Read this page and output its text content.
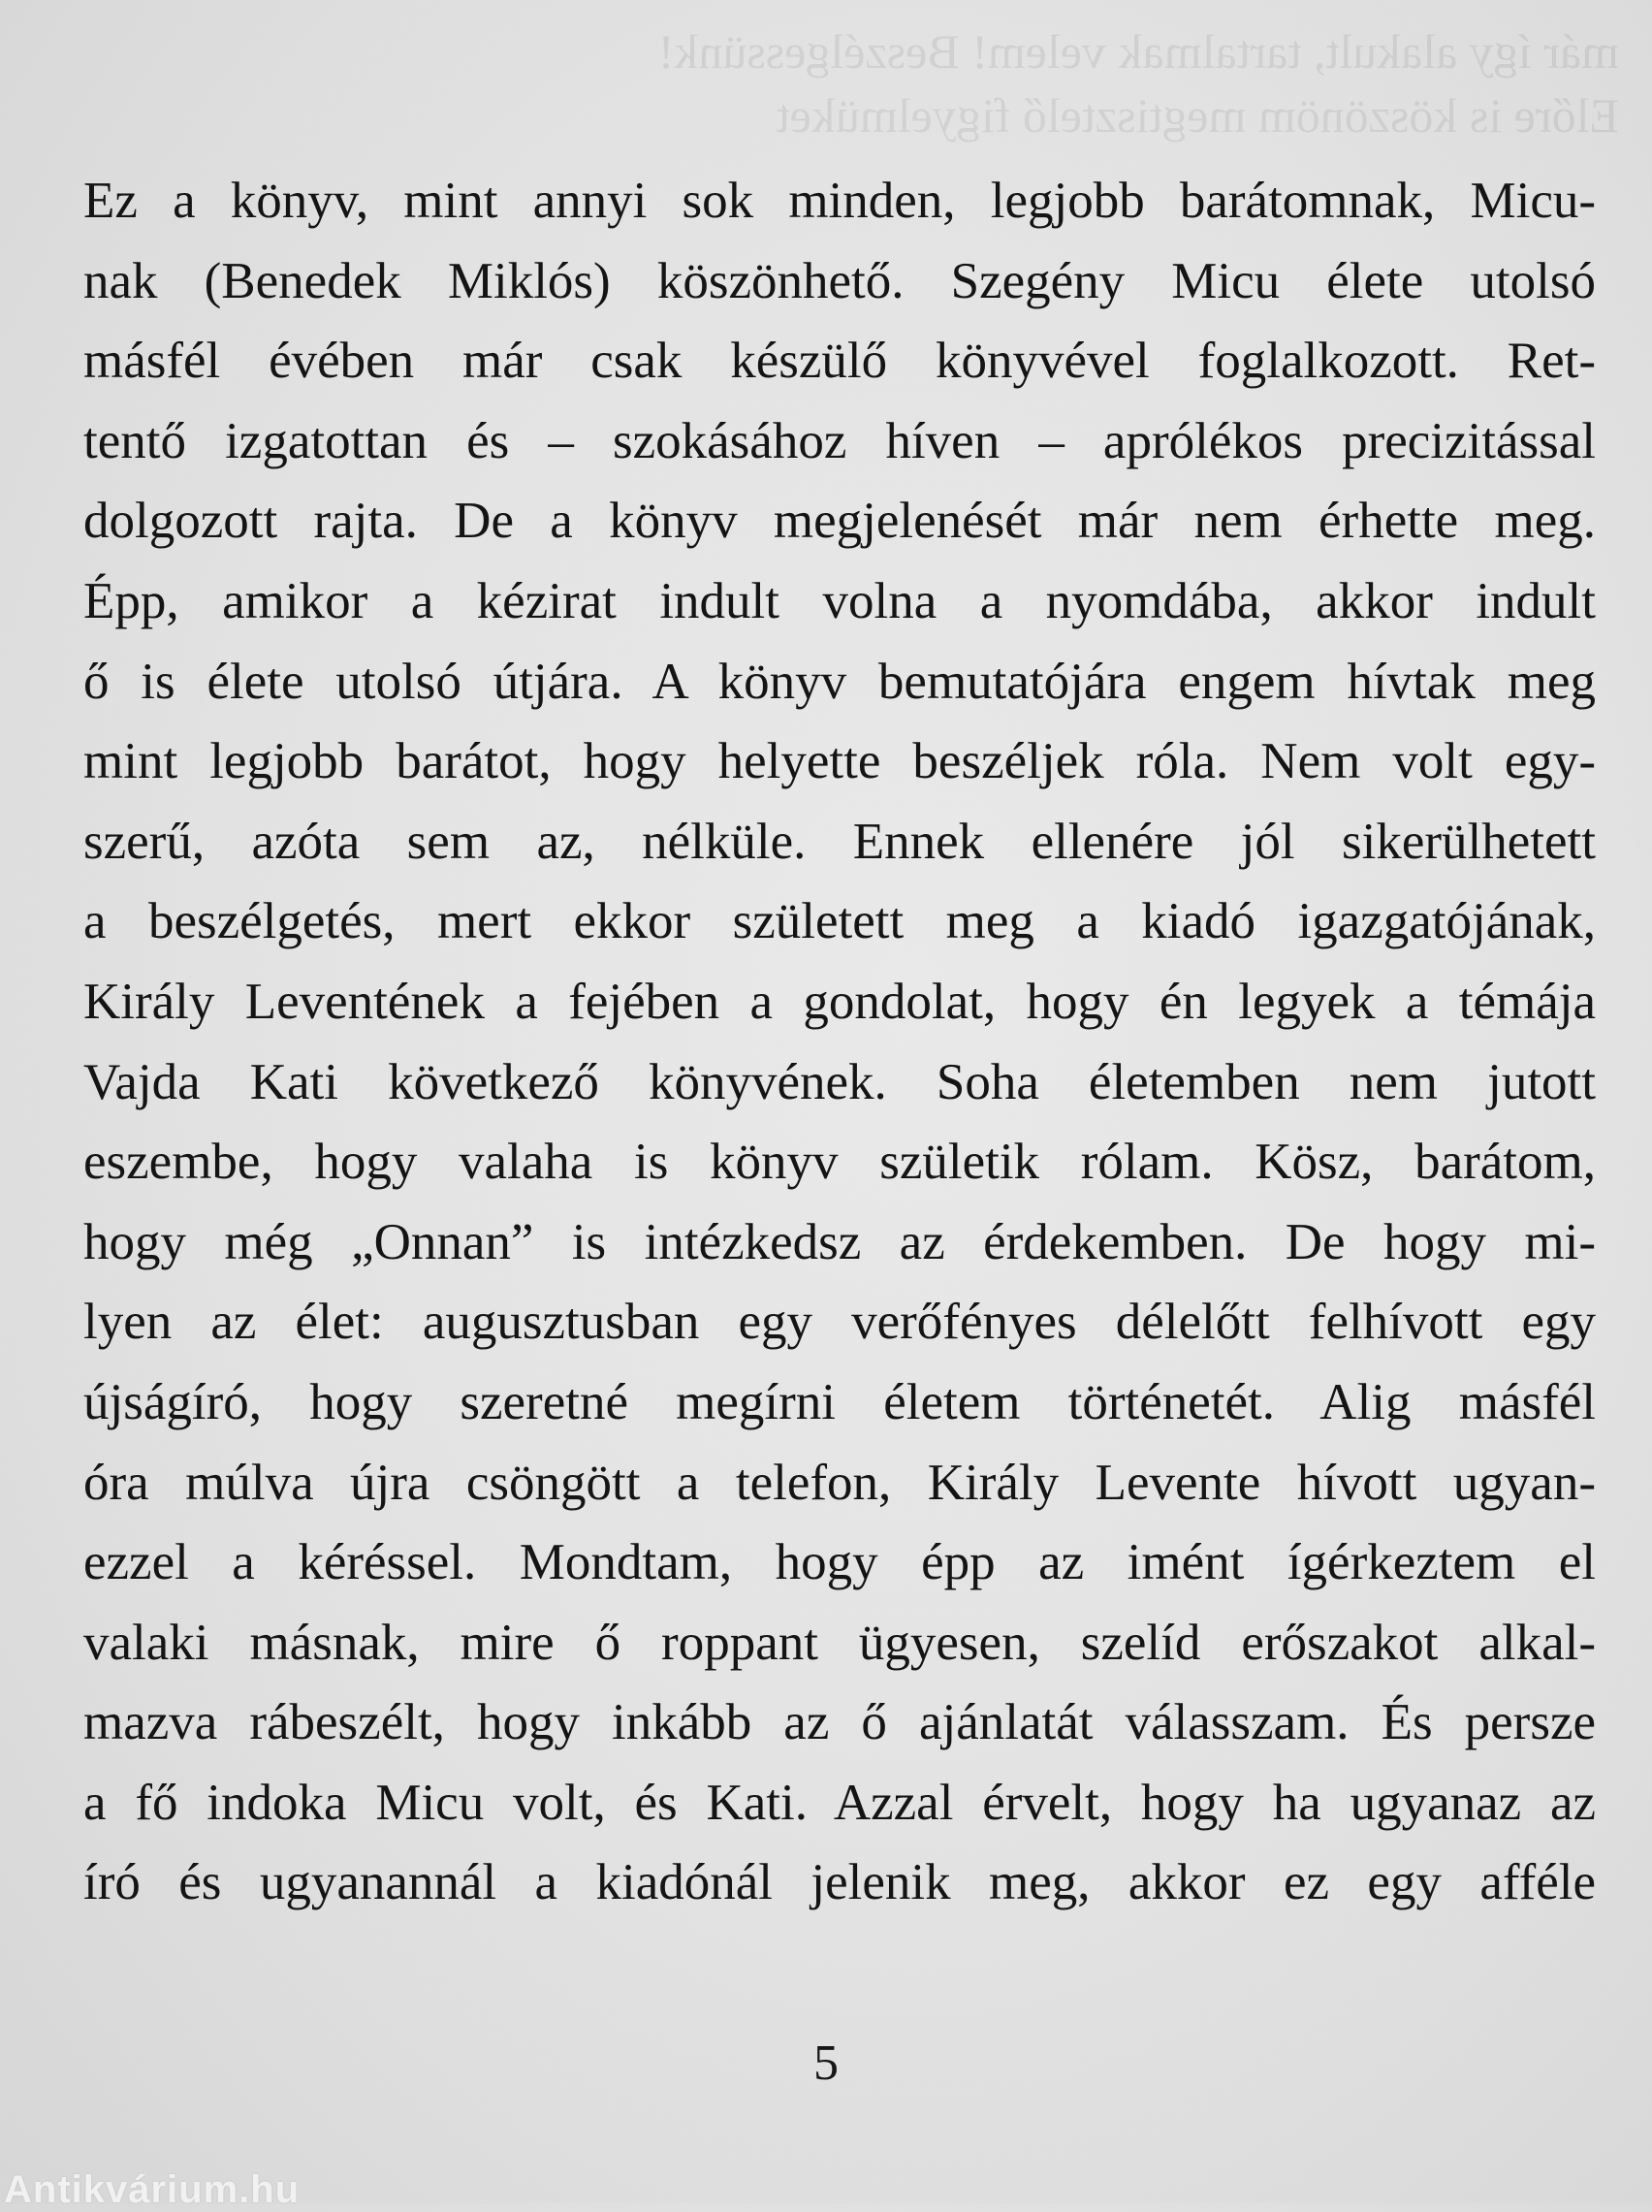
már így alakult, tartalmak velem! Beszélgessünk!
Előre is köszönöm megtisztelő figyelmüket
Ez a könyv, mint annyi sok minden, legjobb barátomnak, Micu-
nak (Benedek Miklós) köszönhető. Szegény Micu élete utolsó
másfél évében már csak készülő könyvével foglalkozott. Ret-
tentő izgatottan és – szokásához híven – aprólékos precizitással
dolgozott rajta. De a könyv megjelenését már nem érhette meg.
Épp, amikor a kézirat indult volna a nyomdába, akkor indult
ő is élete utolsó útjára. A könyv bemutatójára engem hívtak meg
mint legjobb barátot, hogy helyette beszéljek róla. Nem volt egy-
szerű, azóta sem az, nélküle. Ennek ellenére jól sikerülhetett
a beszélgetés, mert ekkor született meg a kiadó igazgatójának,
Király Leventének a fejében a gondolat, hogy én legyek a témája
Vajda Kati következő könyvének. Soha életemben nem jutott
eszembe, hogy valaha is könyv születik rólam. Kösz, barátom,
hogy még „Onnan” is intézkedsz az érdekemben. De hogy mi-
lyen az élet: augusztusban egy verőfényes délelőtt felhívott egy
újságíró, hogy szeretné megírni életem történetét. Alig másfél
óra múlva újra csöngött a telefon, Király Levente hívott ugyan-
ezzel a kéréssel. Mondtam, hogy épp az imént ígérkeztem el
valaki másnak, mire ő roppant ügyesen, szelíd erőszakot alkal-
mazva rábeszélt, hogy inkább az ő ajánlatát válasszam. És persze
a fő indoka Micu volt, és Kati. Azzal érvelt, hogy ha ugyanaz az
író és ugyanannál a kiadónál jelenik meg, akkor ez egy afféle
5
Antikvárium.hu
